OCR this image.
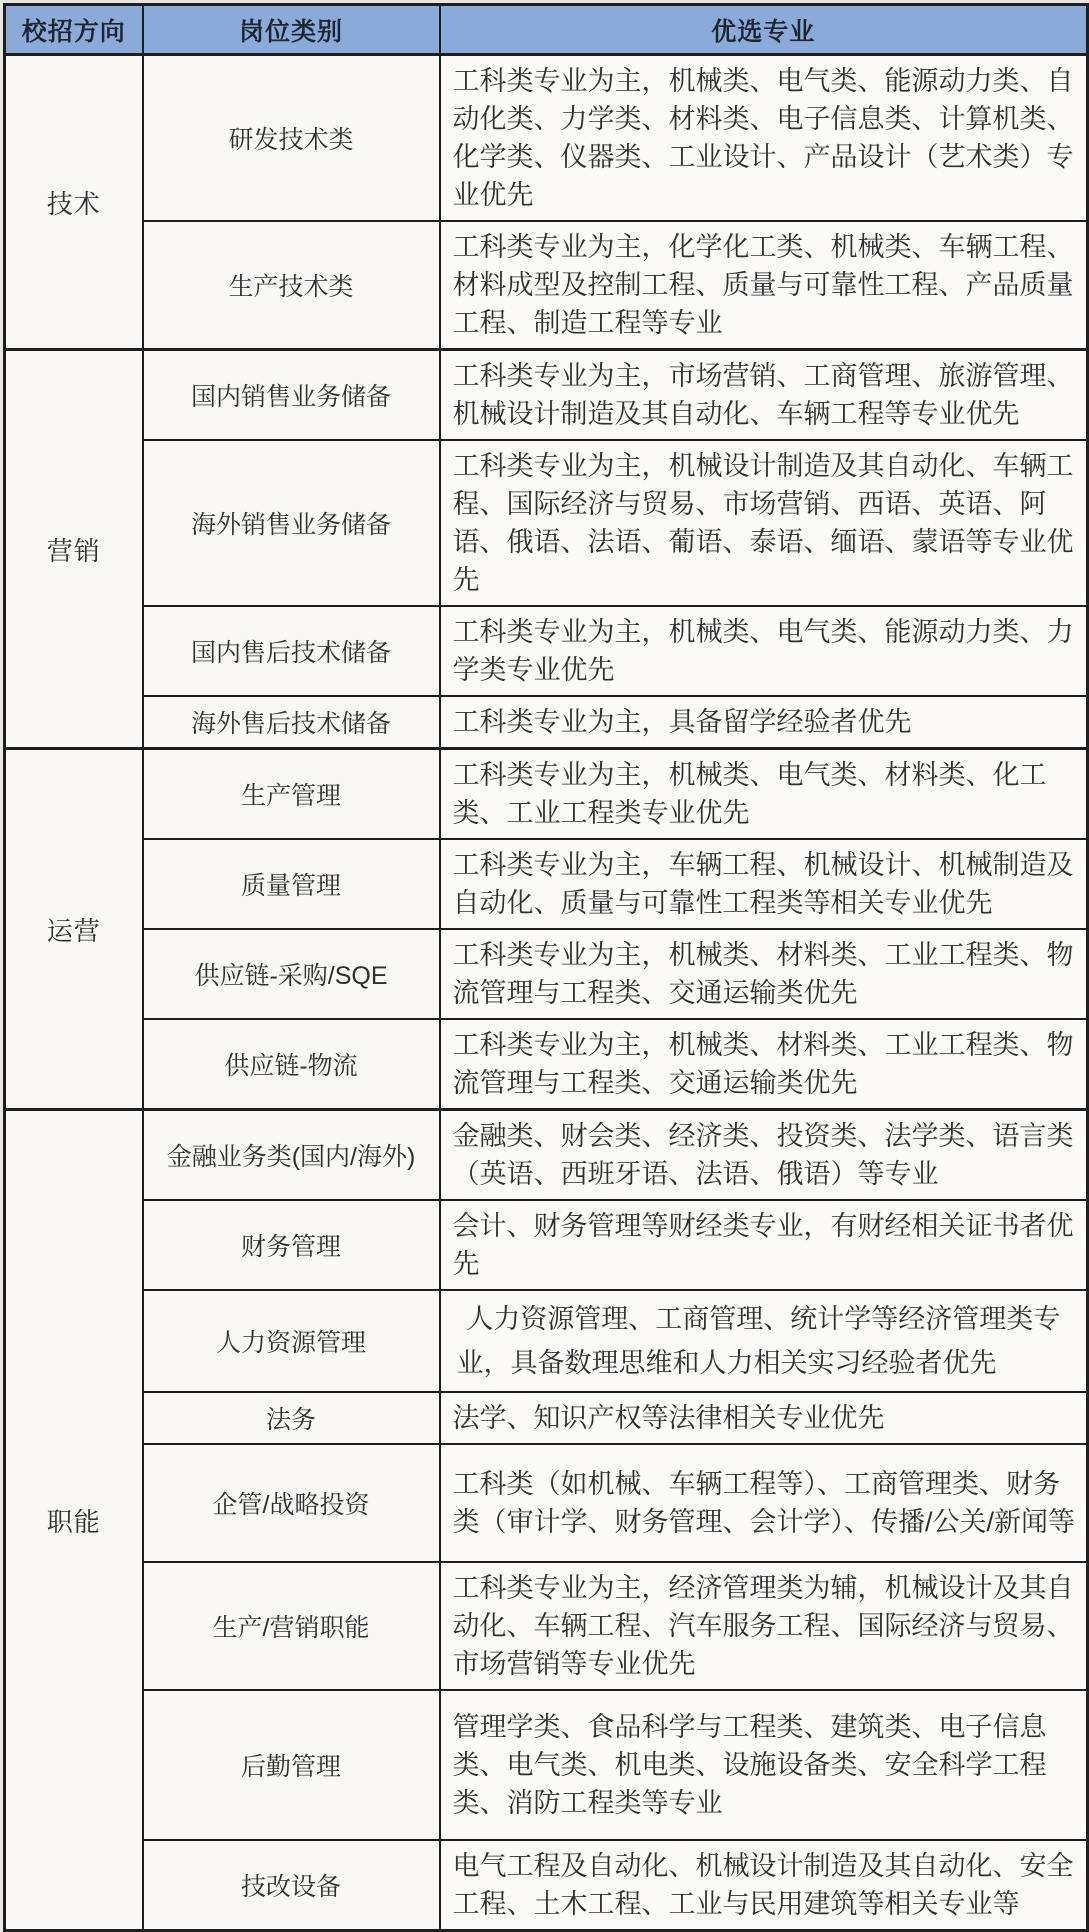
校招方向	岗位类别	优选专业
技术	研发技术类	工科类专业为主，机械类、电气类、能源动力类、自动化类、力学类、材料类、电子信息类、计算机类、化学类、仪器类、工业设计、产品设计（艺术类）专业优先
	生产技术类	工科类专业为主，化学化工类、机械类、车辆工程、材料成型及控制工程、质量与可靠性工程、产品质量工程、制造工程等专业
营销	国内销售业务储备	工科类专业为主，市场营销、工商管理、旅游管理、机械设计制造及其自动化、车辆工程等专业优先
	海外销售业务储备	工科类专业为主，机械设计制造及其自动化、车辆工程、国际经济与贸易、市场营销、西语、英语、阿语、俄语、法语、葡语、泰语、缅语、蒙语等专业优先
	国内售后技术储备	工科类专业为主，机械类、电气类、能源动力类、力学类专业优先
	海外售后技术储备	工科类专业为主，具备留学经验者优先
运营	生产管理	工科类专业为主，机械类、电气类、材料类、化工类、工业工程类专业优先
	质量管理	工科类专业为主，车辆工程、机械设计、机械制造及自动化、质量与可靠性工程类等相关专业优先
	供应链-采购/SQE	工科类专业为主，机械类、材料类、工业工程类、物流管理与工程类、交通运输类优先
	供应链-物流	工科类专业为主，机械类、材料类、工业工程类、物流管理与工程类、交通运输类优先
职能	金融业务类(国内/海外)	金融类、财会类、经济类、投资类、法学类、语言类（英语、西班牙语、法语、俄语）等专业
	财务管理	会计、财务管理等财经类专业，有财经相关证书者优先
	人力资源管理	人力资源管理、工商管理、统计学等经济管理类专业，具备数理思维和人力相关实习经验者优先
	法务	法学、知识产权等法律相关专业优先
	企管/战略投资	工科类（如机械、车辆工程等）、工商管理类、财务类（审计学、财务管理、会计学）、传播/公关/新闻等
	生产/营销职能	工科类专业为主，经济管理类为辅，机械设计及其自动化、车辆工程、汽车服务工程、国际经济与贸易、市场营销等专业优先
	后勤管理	管理学类、食品科学与工程类、建筑类、电子信息类、电气类、机电类、设施设备类、安全科学工程类、消防工程类等专业
	技改设备	电气工程及自动化、机械设计制造及其自动化、安全工程、土木工程、工业与民用建筑等相关专业等
